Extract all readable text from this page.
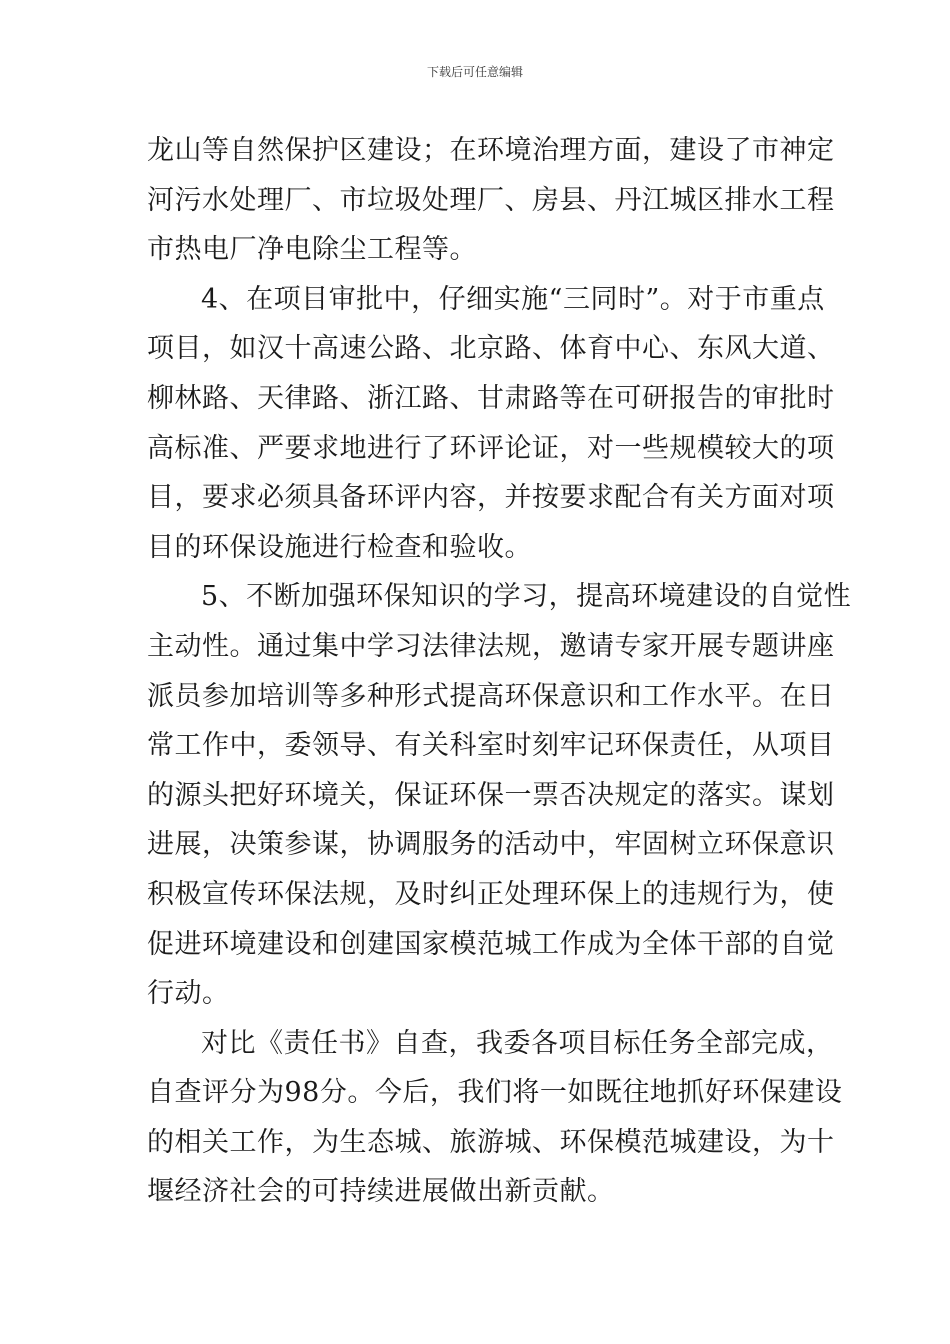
下载后可任意编辑
龙山等自然保护区建设；在环境治理方面，建设了市神定
河污水处理厂、市垃圾处理厂、房县、丹江城区排水工程
市热电厂净电除尘工程等。
4、在项目审批中，仔细实施“三同时”。对于市重点
项目，如汉十高速公路、北京路、体育中心、东风大道、
柳林路、天律路、浙江路、甘肃路等在可研报告的审批时
高标准、严要求地进行了环评论证，对一些规模较大的项
目，要求必须具备环评内容，并按要求配合有关方面对项
目的环保设施进行检查和验收。
5、不断加强环保知识的学习，提高环境建设的自觉性
主动性。通过集中学习法律法规，邀请专家开展专题讲座
派员参加培训等多种形式提高环保意识和工作水平。在日
常工作中，委领导、有关科室时刻牢记环保责任，从项目
的源头把好环境关，保证环保一票否决规定的落实。谋划
进展，决策参谋，协调服务的活动中，牢固树立环保意识
积极宣传环保法规，及时纠正处理环保上的违规行为，使
促进环境建设和创建国家模范城工作成为全体干部的自觉
行动。
对比《责任书》自查，我委各项目标任务全部完成，
自查评分为98分。今后，我们将一如既往地抓好环保建设
的相关工作，为生态城、旅游城、环保模范城建设，为十
堰经济社会的可持续进展做出新贡献。
